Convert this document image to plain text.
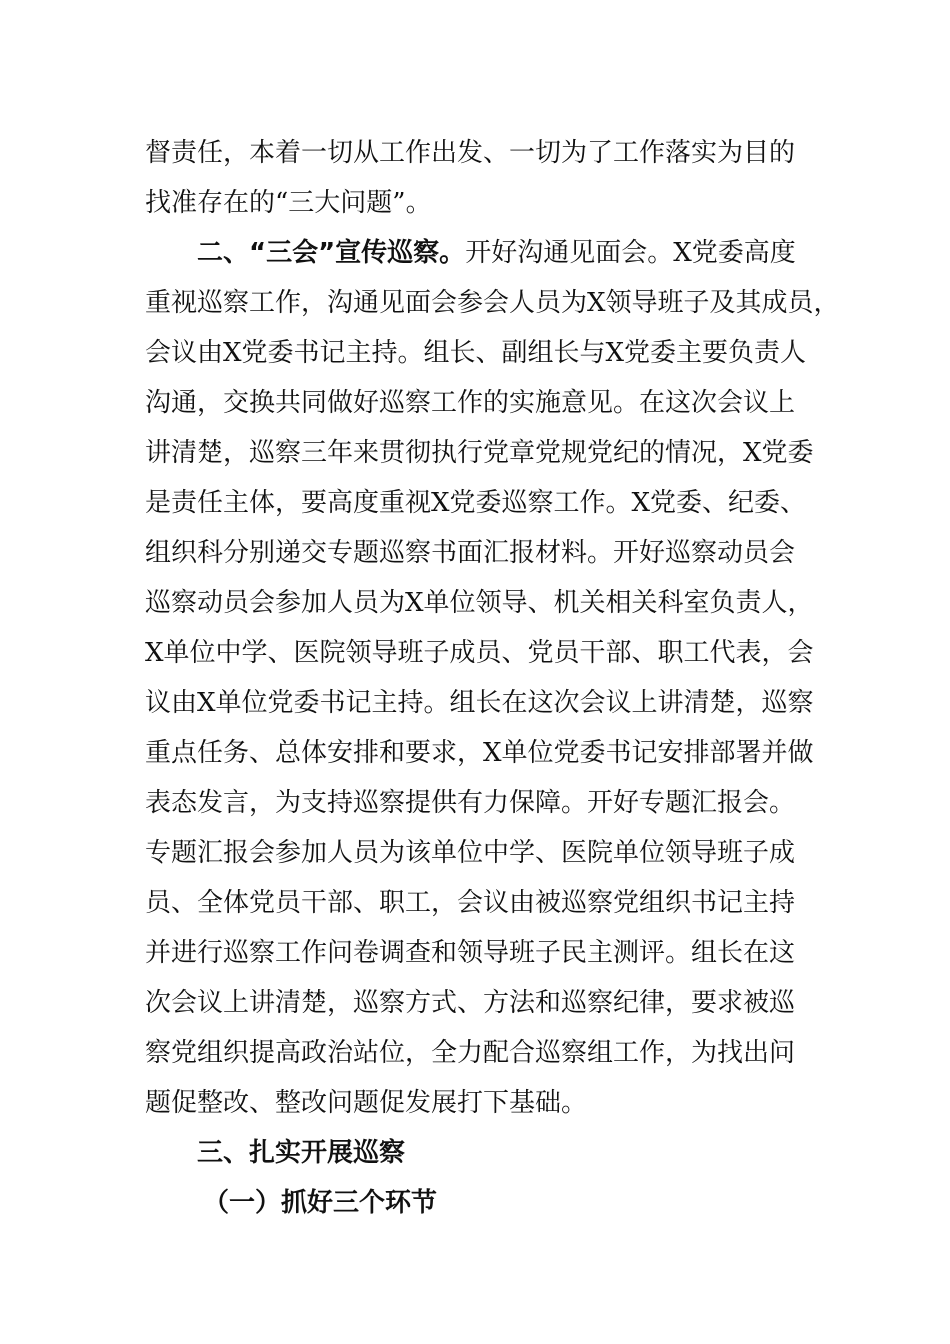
督责任，本着一切从工作出发、一切为了工作落实为目的
找准存在的“三大问题”。
二、“三会”宣传巡察。开好沟通见面会。X党委高度
重视巡察工作，沟通见面会参会人员为X领导班子及其成员，
会议由X党委书记主持。组长、副组长与X党委主要负责人
沟通，交换共同做好巡察工作的实施意见。在这次会议上
讲清楚，巡察三年来贯彻执行党章党规党纪的情况，X党委
是责任主体，要高度重视X党委巡察工作。X党委、纪委、
组织科分别递交专题巡察书面汇报材料。开好巡察动员会
巡察动员会参加人员为X单位领导、机关相关科室负责人，
X单位中学、医院领导班子成员、党员干部、职工代表，会
议由X单位党委书记主持。组长在这次会议上讲清楚，巡察
重点任务、总体安排和要求，X单位党委书记安排部署并做
表态发言，为支持巡察提供有力保障。开好专题汇报会。
专题汇报会参加人员为该单位中学、医院单位领导班子成
员、全体党员干部、职工，会议由被巡察党组织书记主持
并进行巡察工作问卷调查和领导班子民主测评。组长在这
次会议上讲清楚，巡察方式、方法和巡察纪律，要求被巡
察党组织提高政治站位，全力配合巡察组工作，为找出问
题促整改、整改问题促发展打下基础。
三、扎实开展巡察
（一）抓好三个环节
